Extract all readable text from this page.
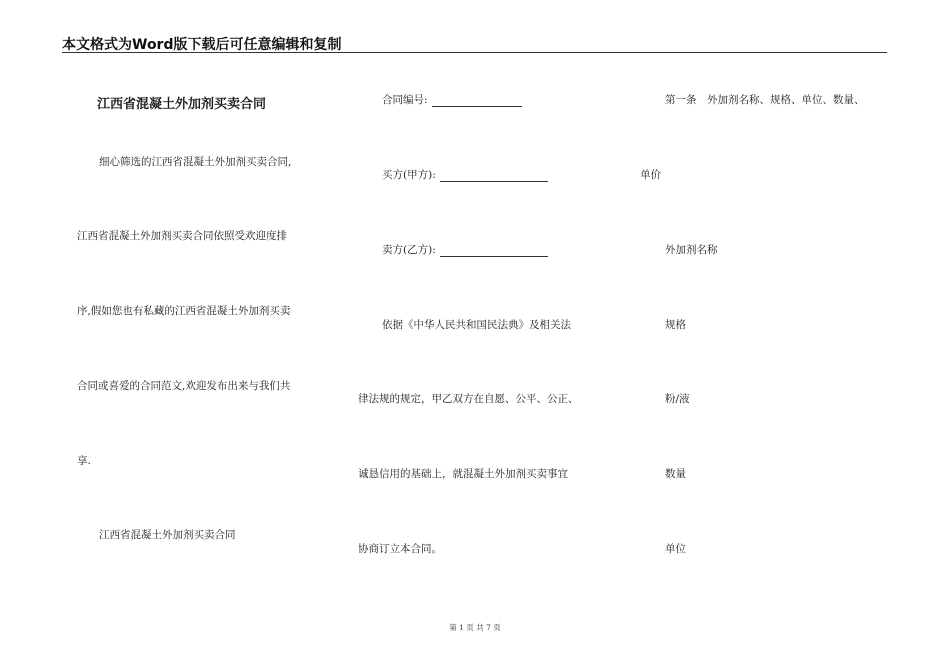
本文格式为Word版下载后可任意编辑和复制
江西省混凝土外加剂买卖合同
细心筛选的江西省混凝土外加剂买卖合同,
江西省混凝土外加剂买卖合同依照受欢迎度排
序,假如您也有私藏的江西省混凝土外加剂买卖
合同或喜爱的合同范文,欢迎发布出来与我们共
享.
江西省混凝土外加剂买卖合同
合同编号:
买方(甲方):
卖方(乙方):
依据《中华人民共和国民法典》及相关法
律法规的规定，甲乙双方在自愿、公平、公正、
诚恳信用的基础上，就混凝土外加剂买卖事宜
协商订立本合同。
第一条　外加剂名称、规格、单位、数量、
单价
外加剂名称
规格
粉/液
数量
单位
第 1 页 共 7 页
